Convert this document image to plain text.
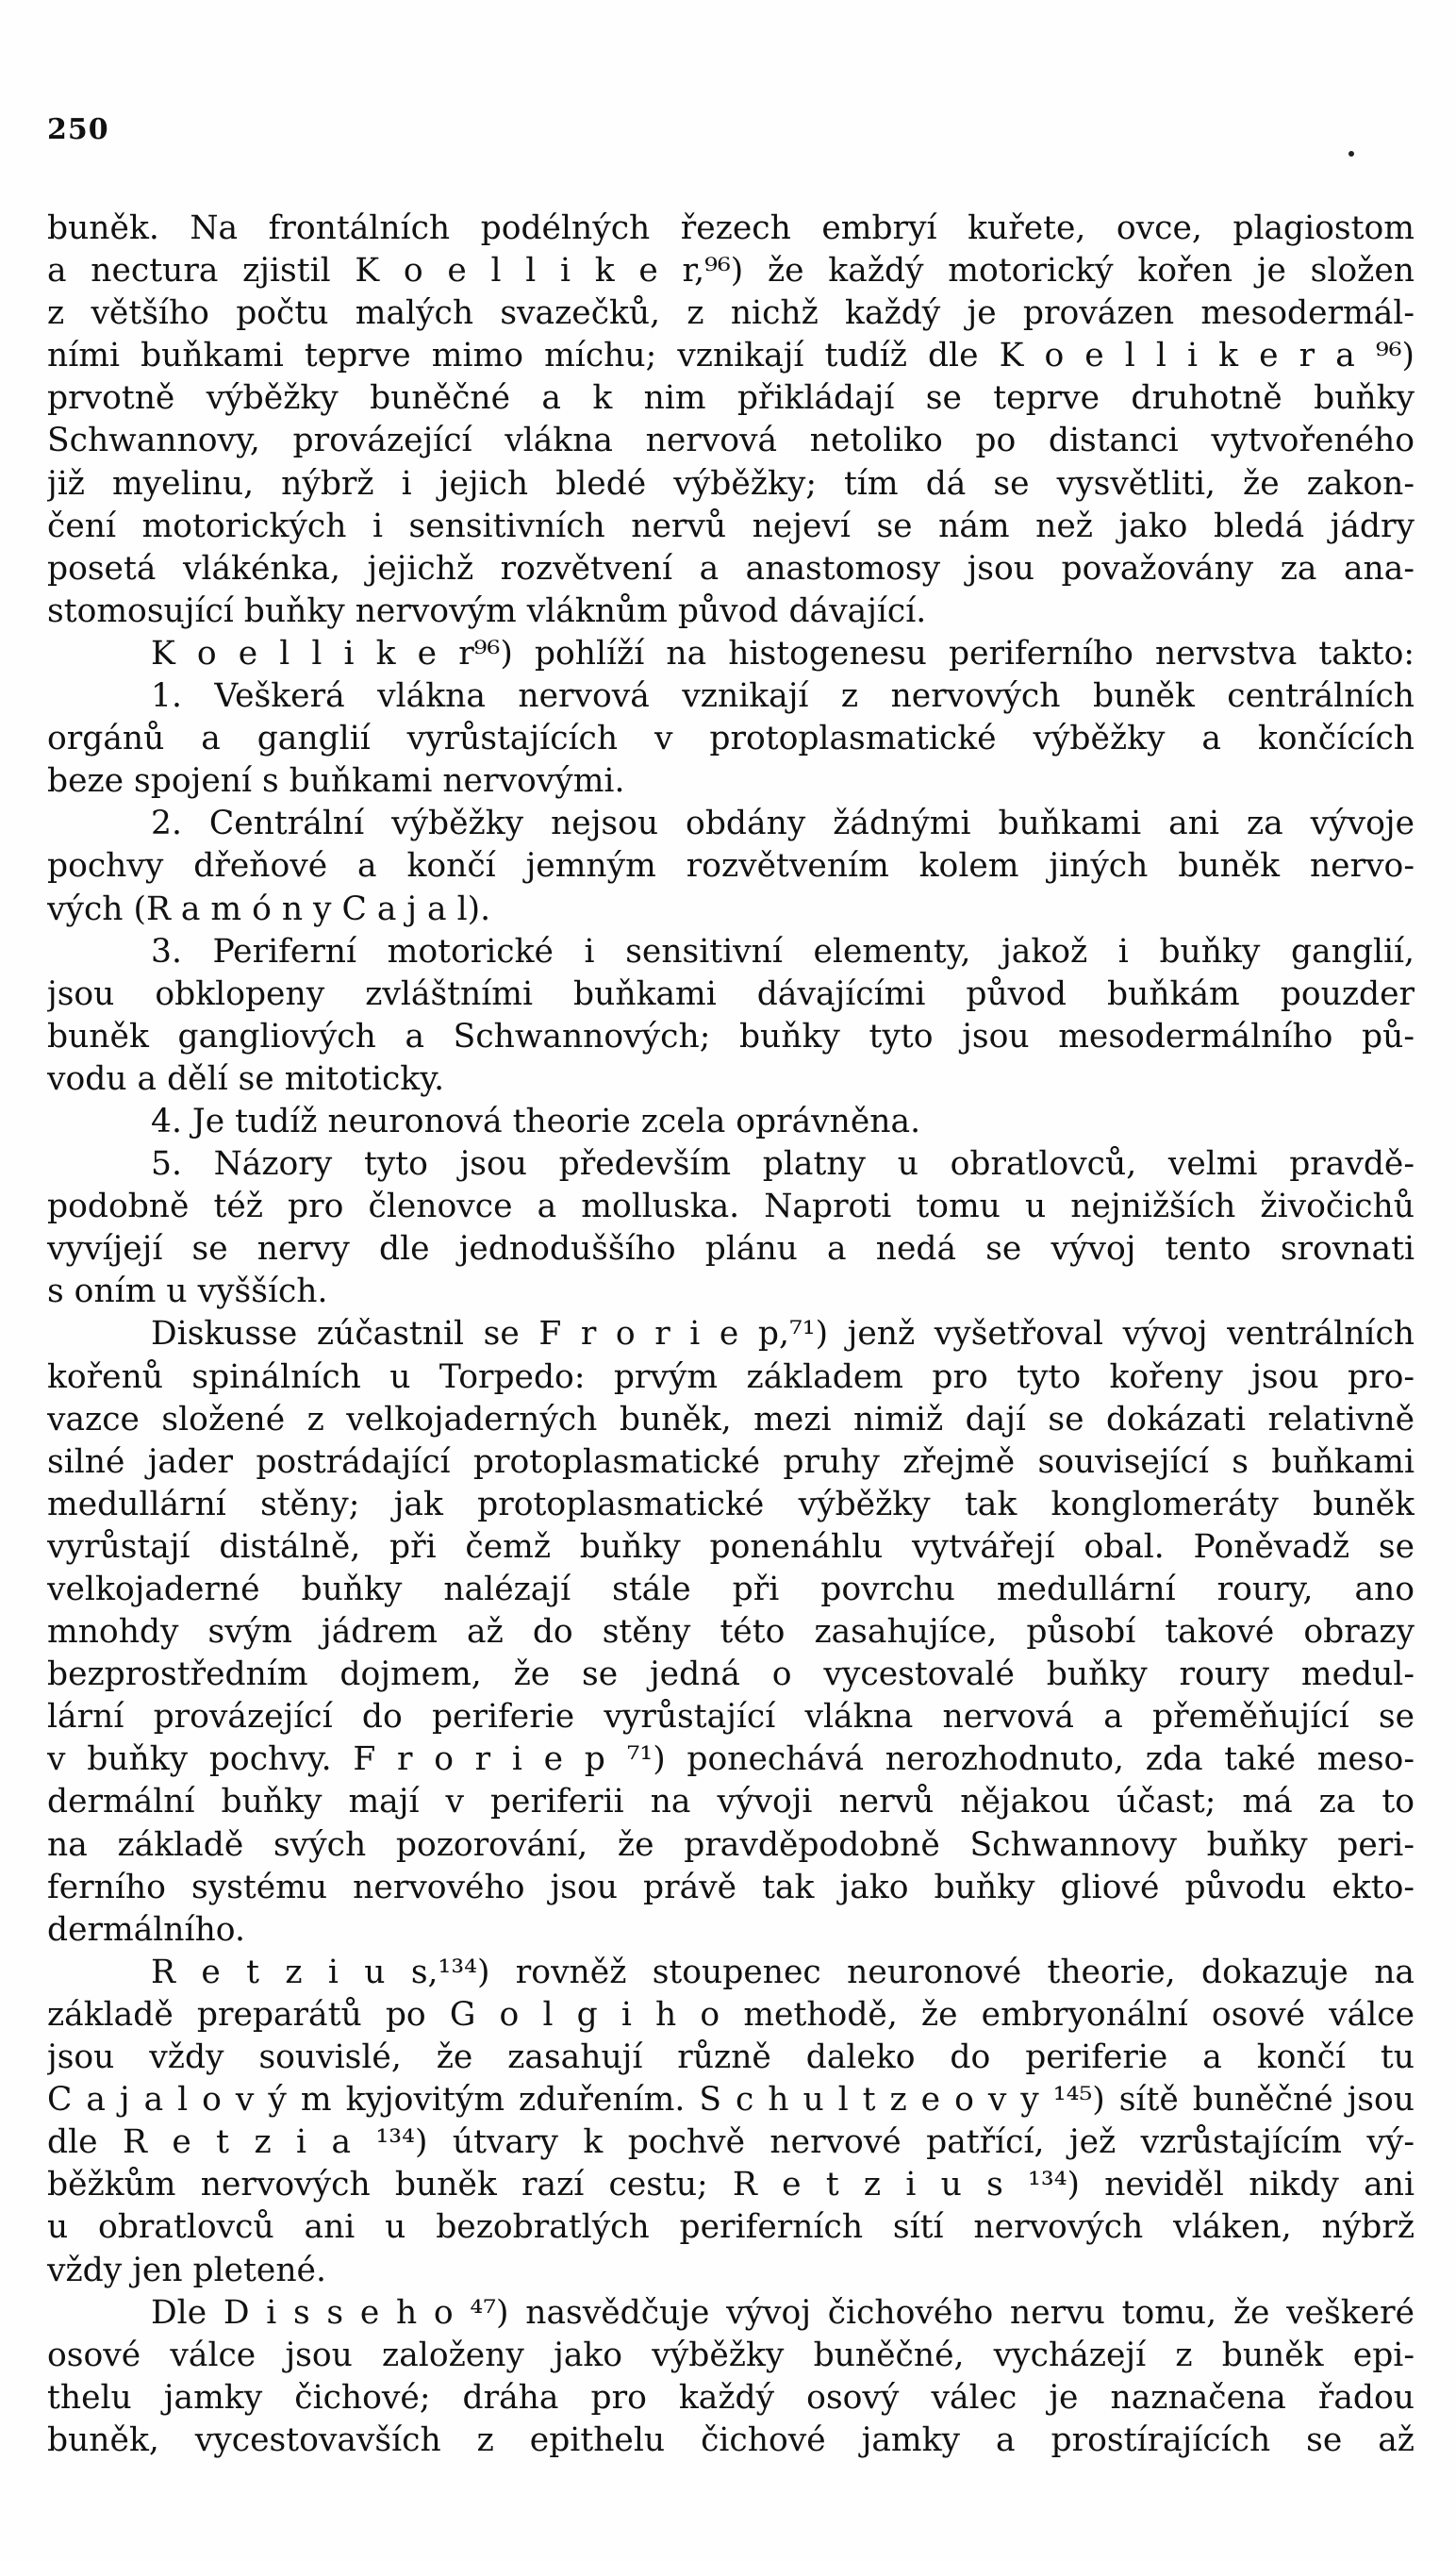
250
buněk. Na frontálních podélných řezech embryí kuřete, ovce, plagiostom
a nectura zjistil K o e l l i k e r,⁹⁶) že každý motorický kořen je složen
z většího počtu malých svazečků, z nichž každý je provázen mesodermál-
ními buňkami teprve mimo míchu; vznikají tudíž dle K o e l l i k e r a ⁹⁶)
prvotně výběžky buněčné a k nim přikládají se teprve druhotně buňky
Schwannovy, provázející vlákna nervová netoliko po distanci vytvořeného
již myelinu, nýbrž i jejich bledé výběžky; tím dá se vysvětliti, že zakon-
čení motorických i sensitivních nervů nejeví se nám než jako bledá jádry
posetá vlákénka, jejichž rozvětvení a anastomosy jsou považovány za ana-
stomosující buňky nervovým vláknům původ dávající.
K o e l l i k e r⁹⁶) pohlíží na histogenesu periferního nervstva takto:
1. Veškerá vlákna nervová vznikají z nervových buněk centrálních
orgánů a ganglií vyrůstajících v protoplasmatické výběžky a končících
beze spojení s buňkami nervovými.
2. Centrální výběžky nejsou obdány žádnými buňkami ani za vývoje
pochvy dřeňové a končí jemným rozvětvením kolem jiných buněk nervo-
vých (R a m ó n y C a j a l).
3. Periferní motorické i sensitivní elementy, jakož i buňky ganglií,
jsou obklopeny zvláštními buňkami dávajícími původ buňkám pouzder
buněk gangliových a Schwannových; buňky tyto jsou mesodermálního pů-
vodu a dělí se mitoticky.
4. Je tudíž neuronová theorie zcela oprávněna.
5. Názory tyto jsou především platny u obratlovců, velmi pravdě-
podobně též pro členovce a molluska. Naproti tomu u nejnižších živočichů
vyvíjejí se nervy dle jednoduššího plánu a nedá se vývoj tento srovnati
s oním u vyšších.
Diskusse zúčastnil se F r o r i e p,⁷¹) jenž vyšetřoval vývoj ventrálních
kořenů spinálních u Torpedo: prvým základem pro tyto kořeny jsou pro-
vazce složené z velkojaderných buněk, mezi nimiž dají se dokázati relativně
silné jader postrádající protoplasmatické pruhy zřejmě související s buňkami
medullární stěny; jak protoplasmatické výběžky tak konglomeráty buněk
vyrůstají distálně, při čemž buňky ponenáhlu vytvářejí obal. Poněvadž se
velkojaderné buňky nalézají stále při povrchu medullární roury, ano
mnohdy svým jádrem až do stěny této zasahujíce, působí takové obrazy
bezprostředním dojmem, že se jedná o vycestovalé buňky roury medul-
lární provázející do periferie vyrůstající vlákna nervová a přeměňující se
v buňky pochvy. F r o r i e p ⁷¹) ponechává nerozhodnuto, zda také meso-
dermální buňky mají v periferii na vývoji nervů nějakou účast; má za to
na základě svých pozorování, že pravděpodobně Schwannovy buňky peri-
ferního systému nervového jsou právě tak jako buňky gliové původu ekto-
dermálního.
R e t z i u s,¹³⁴) rovněž stoupenec neuronové theorie, dokazuje na
základě preparátů po G o l g i h o methodě, že embryonální osové válce
jsou vždy souvislé, že zasahují různě daleko do periferie a končí tu
C a j a l o v ý m kyjovitým zduřením. S c h u l t z e o v y ¹⁴⁵) sítě buněčné jsou
dle R e t z i a ¹³⁴) útvary k pochvě nervové patřící, jež vzrůstajícím vý-
běžkům nervových buněk razí cestu; R e t z i u s ¹³⁴) neviděl nikdy ani
u obratlovců ani u bezobratlých periferních sítí nervových vláken, nýbrž
vždy jen pletené.
Dle D i s s e h o ⁴⁷) nasvědčuje vývoj čichového nervu tomu, že veškeré
osové válce jsou založeny jako výběžky buněčné, vycházejí z buněk epi-
thelu jamky čichové; dráha pro každý osový válec je naznačena řadou
buněk, vycestovavších z epithelu čichové jamky a prostírajících se až
